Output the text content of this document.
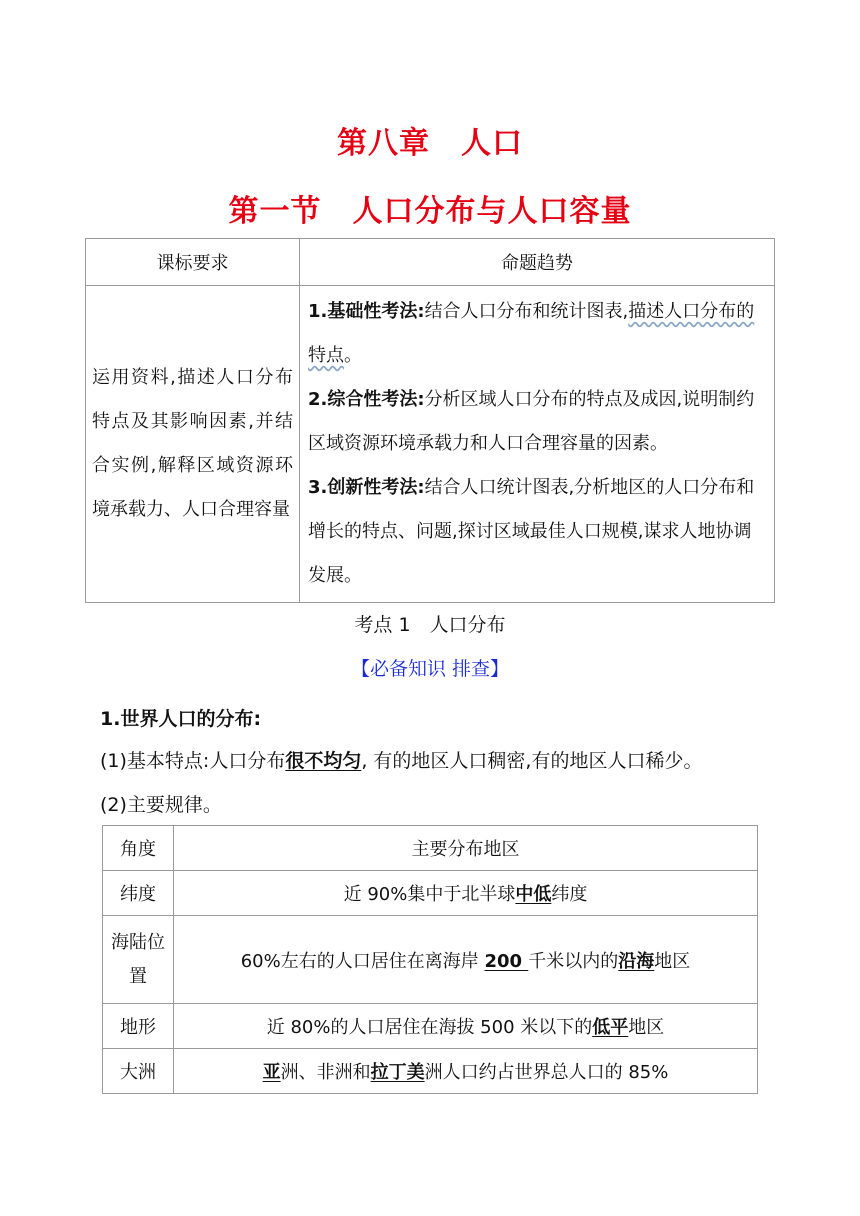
第八章　人口
第一节　人口分布与人口容量
课标要求	命题趋势
运用资料,描述人口分布特点及其影响因素,并结合实例,解释区域资源环境承载力、人口合理容量	1.基础性考法:结合人口分布和统计图表,描述人口分布的特点。
2.综合性考法:分析区域人口分布的特点及成因,说明制约区域资源环境承载力和人口合理容量的因素。
3.创新性考法:结合人口统计图表,分析地区的人口分布和增长的特点、问题,探讨区域最佳人口规模,谋求人地协调发展。
考点 1　人口分布
【必备知识 排查】
1.世界人口的分布:
(1)基本特点:人口分布很不均匀, 有的地区人口稠密,有的地区人口稀少。
(2)主要规律。
角度	主要分布地区
纬度	近 90%集中于北半球中低纬度
海陆位置	60%左右的人口居住在离海岸 200 千米以内的沿海地区
地形	近 80%的人口居住在海拔 500 米以下的低平地区
大洲	亚洲、非洲和拉丁美洲人口约占世界总人口的 85%
